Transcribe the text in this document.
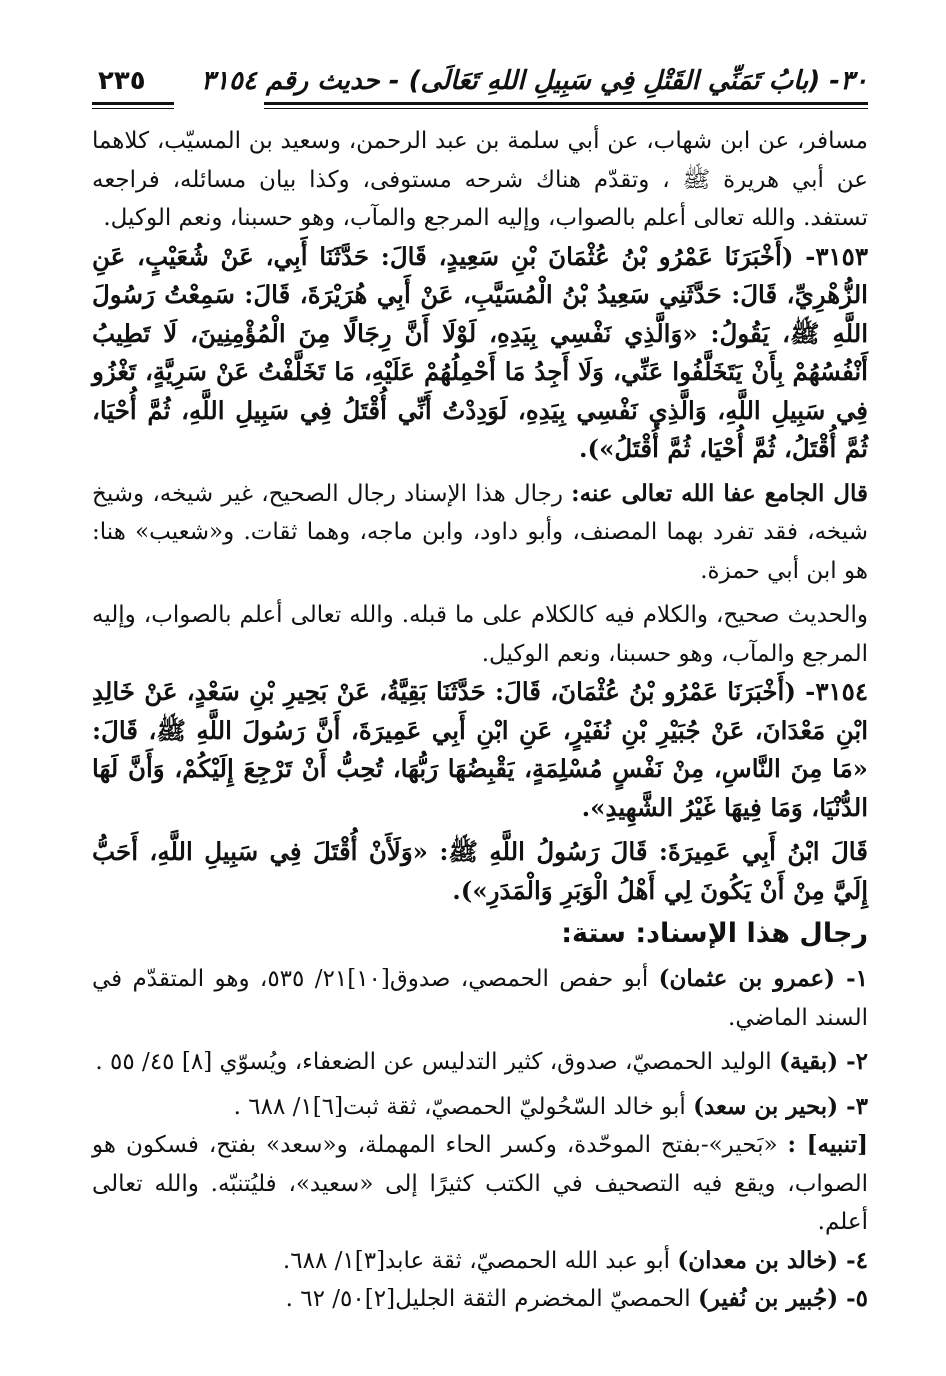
٣٠- (بابُ تَمَنِّي القَتْلِ فِي سَبِيلِ اللهِ تَعَالَى) - حديث رقم ٣١٥٤
٢٣٥

مسافر، عن ابن شهاب، عن أبي سلمة بن عبد الرحمن، وسعيد بن المسيّب، كلاهما عن أبي هريرة ﷺ ، وتقدّم هناك شرحه مستوفى، وكذا بيان مسائله، فراجعه تستفد. والله تعالى أعلم بالصواب، وإليه المرجع والمآب، وهو حسبنا، ونعم الوكيل.

٣١٥٣- (أَخْبَرَنَا عَمْرُو بْنُ عُثْمَانَ بْنِ سَعِيدٍ، قَالَ: حَدَّثَنَا أَبِي، عَنْ شُعَيْبٍ، عَنِ الزُّهْرِيِّ، قَالَ: حَدَّثَنِي سَعِيدُ بْنُ الْمُسَيَّبِ، عَنْ أَبِي هُرَيْرَةَ، قَالَ: سَمِعْتُ رَسُولَ اللَّهِ ﷺ، يَقُولُ: «وَالَّذِي نَفْسِي بِيَدِهِ، لَوْلَا أَنَّ رِجَالًا مِنَ الْمُؤْمِنِينَ، لَا تَطِيبُ أَنْفُسُهُمْ بِأَنْ يَتَخَلَّفُوا عَنِّي، وَلَا أَجِدُ مَا أَحْمِلُهُمْ عَلَيْهِ، مَا تَخَلَّفْتُ عَنْ سَرِيَّةٍ، تَغْزُو فِي سَبِيلِ اللَّهِ، وَالَّذِي نَفْسِي بِيَدِهِ، لَوَدِدْتُ أَنِّي أُقْتَلُ فِي سَبِيلِ اللَّهِ، ثُمَّ أُحْيَا، ثُمَّ أُقْتَلُ، ثُمَّ أُحْيَا، ثُمَّ أُقْتَلُ»).

قال الجامع عفا الله تعالى عنه: رجال هذا الإسناد رجال الصحيح، غير شيخه، وشيخ شيخه، فقد تفرد بهما المصنف، وأبو داود، وابن ماجه، وهما ثقات. و«شعيب» هنا: هو ابن أبي حمزة.

والحديث صحيح، والكلام فيه كالكلام على ما قبله. والله تعالى أعلم بالصواب، وإليه المرجع والمآب، وهو حسبنا، ونعم الوكيل.

٣١٥٤- (أَخْبَرَنَا عَمْرُو بْنُ عُثْمَانَ، قَالَ: حَدَّثَنَا بَقِيَّةُ، عَنْ بَحِيرِ بْنِ سَعْدٍ، عَنْ خَالِدِ ابْنِ مَعْدَانَ، عَنْ جُبَيْرِ بْنِ نُفَيْرٍ، عَنِ ابْنِ أَبِي عَمِيرَةَ، أَنَّ رَسُولَ اللَّهِ ﷺ، قَالَ: «مَا مِنَ النَّاسِ، مِنْ نَفْسٍ مُسْلِمَةٍ، يَقْبِضُهَا رَبُّهَا، تُحِبُّ أَنْ تَرْجِعَ إِلَيْكُمْ، وَأَنَّ لَهَا الدُّنْيَا، وَمَا فِيهَا غَيْرُ الشَّهِيدِ».

قَالَ ابْنُ أَبِي عَمِيرَةَ: قَالَ رَسُولُ اللَّهِ ﷺ: «وَلَأَنْ أُقْتَلَ فِي سَبِيلِ اللَّهِ، أَحَبُّ إِلَيَّ مِنْ أَنْ يَكُونَ لِي أَهْلُ الْوَبَرِ وَالْمَدَرِ»).

رجال هذا الإسناد: ستة:

١- (عمرو بن عثمان) أبو حفص الحمصي، صدوق[١٠]٢١/ ٥٣٥، وهو المتقدّم في السند الماضي.

٢- (بقية) الوليد الحمصيّ، صدوق، كثير التدليس عن الضعفاء، ويُسوّي [٨] ٤٥/ ٥٥ .

٣- (بحير بن سعد) أبو خالد السّحُوليّ الحمصيّ، ثقة ثبت[٦]١/ ٦٨٨ .

[تنبيه] : «بَحير»-بفتح الموحّدة، وكسر الحاء المهملة، و«سعد» بفتح، فسكون هو الصواب، ويقع فيه التصحيف في الكتب كثيرًا إلى «سعيد»، فليُتنبّه. والله تعالى أعلم.

٤- (خالد بن معدان) أبو عبد الله الحمصيّ، ثقة عابد[٣]١/ ٦٨٨.

٥- (جُبير بن نُفير) الحمصيّ المخضرم الثقة الجليل[٢]٥٠/ ٦٢ .
